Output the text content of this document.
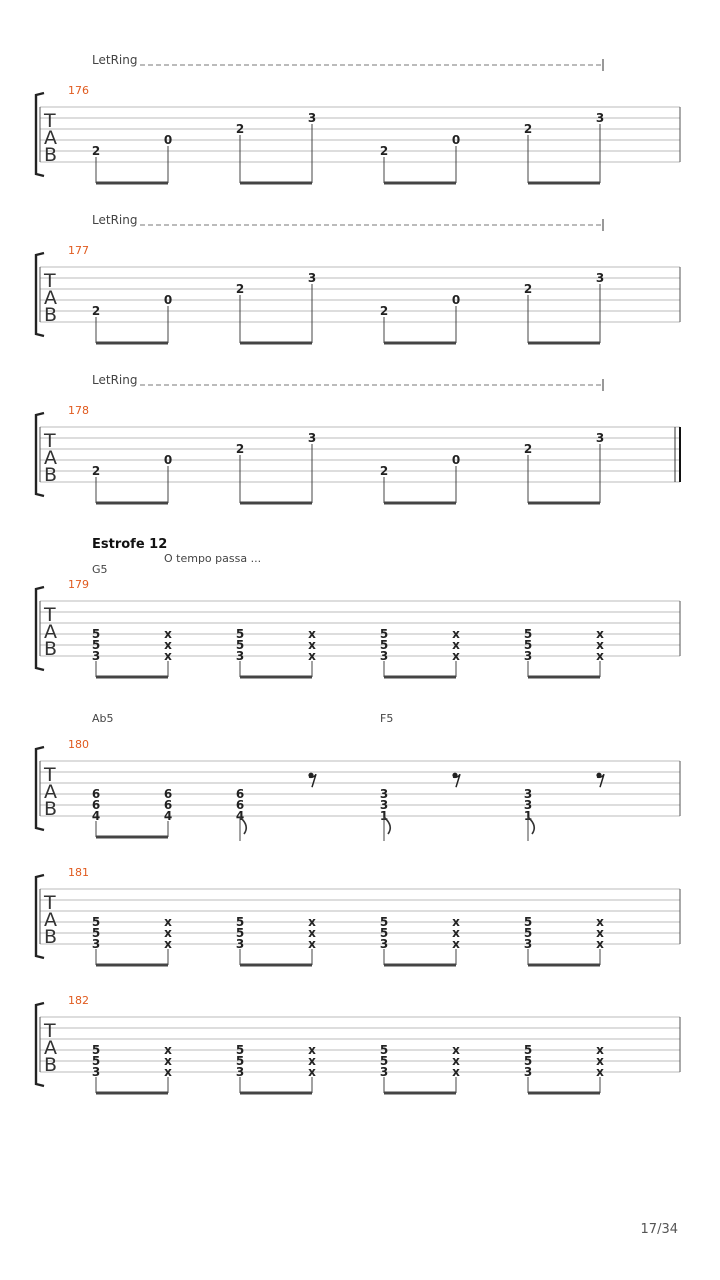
T
A
B
176
LetRing
2
0
2
3
2
0
2
3
T
A
B
177
LetRing
2
0
2
3
2
0
2
3
T
A
B
178
LetRing
2
0
2
3
2
0
2
3
T
A
B
179
5
5
3
x
x
x
5
5
3
x
x
x
5
5
3
x
x
x
5
5
3
x
x
x
G5
T
A
B
180
6
6
4
6
6
4
6
6
4
3
3
1
3
3
1
Ab5	F5
T
A
B
181
5
5
3
x
x
x
5
5
3
x
x
x
5
5
3
x
x
x
5
5
3
x
x
x
T
A
B
182
5
5
3
x
x
x
5
5
3
x
x
x
5
5
3
x
x
x
5
5
3
x
x
x
Estrofe 12
O tempo passa ...
17/34
